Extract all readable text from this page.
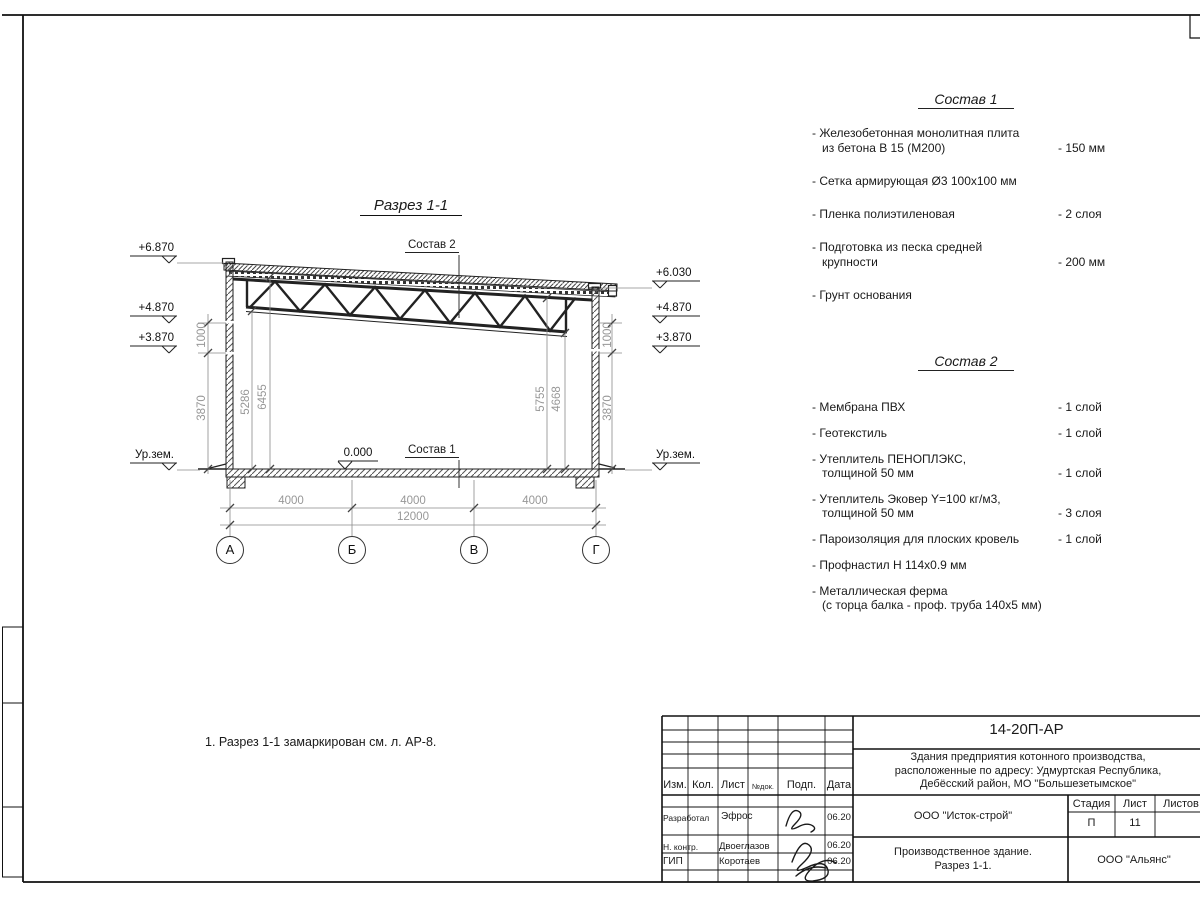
Разрез 1-1
Состав 2
Состав 1
0.000
+6.870
+4.870
+3.870
Ур.зем.
+6.030
+4.870
+3.870
Ур.зем.
4000	4000	4000
12000
1000
3870
1000
3870
5286 6455	5755 4668
А	Б	В	Г
1. Разрез 1-1 замаркирован см. л. АР-8.
Состав 1
- Железобетонная монолитная плита
из бетона В 15 (М200)	- 150 мм
- Сетка армирующая Ø3 100х100 мм
- Пленка полиэтиленовая	- 2 слоя
- Подготовка из песка средней
крупности	- 200 мм
- Грунт основания
Состав 2
- Мембрана ПВХ	- 1 слой
- Геотекстиль	- 1 слой
- Утеплитель ПЕНОПЛЭКС,
толщиной 50 мм	- 1 слой
- Утеплитель Эковер Y=100 кг/м3,
толщиной 50 мм	- 3 слоя
- Пароизоляция для плоских кровель	- 1 слой
- Профнастил Н 114х0.9 мм
- Металлическая ферма
(с торца балка - проф. труба 140х5 мм)
14-20П-АР
Здания предприятия котонного производства,
расположенные по адресу: Удмуртская Республика,
Дебёсский район, МО "Большезетымское"
Изм. Кол. Лист №док.	Подп. Дата
Разработал Эфрос	06.20
Н. контр. Двоеглазов	06.20
ГИП	Коротаев	06.20
ООО "Исток-строй"
Стадия	Лист	Листов
П	11
Производственное здание.
Разрез 1-1.	ООО "Альянс"
